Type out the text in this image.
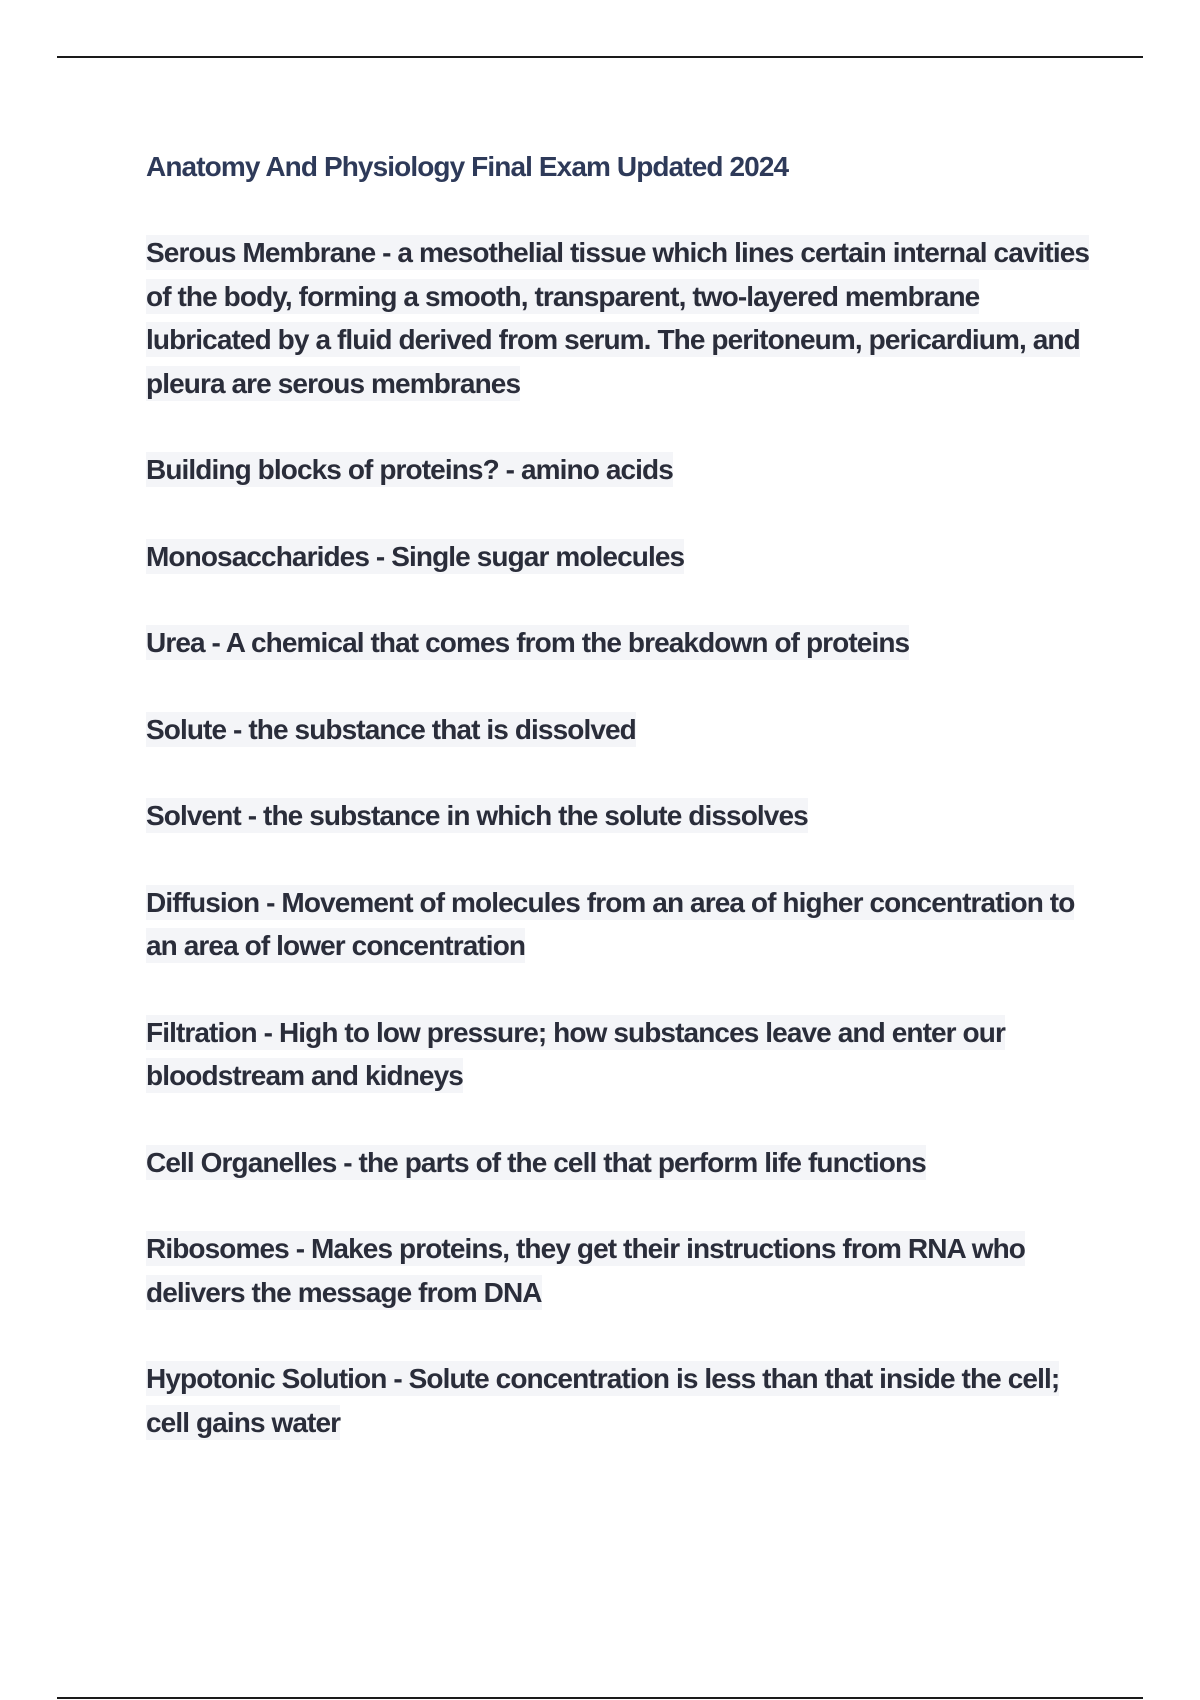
Anatomy And Physiology Final Exam Updated 2024
Serous Membrane - a mesothelial tissue which lines certain internal cavities of the body, forming a smooth, transparent, two-layered membrane lubricated by a fluid derived from serum. The peritoneum, pericardium, and pleura are serous membranes
Building blocks of proteins? - amino acids
Monosaccharides - Single sugar molecules
Urea - A chemical that comes from the breakdown of proteins
Solute - the substance that is dissolved
Solvent - the substance in which the solute dissolves
Diffusion - Movement of molecules from an area of higher concentration to an area of lower concentration
Filtration - High to low pressure; how substances leave and enter our bloodstream and kidneys
Cell Organelles - the parts of the cell that perform life functions
Ribosomes - Makes proteins, they get their instructions from RNA who delivers the message from DNA
Hypotonic Solution - Solute concentration is less than that inside the cell; cell gains water
